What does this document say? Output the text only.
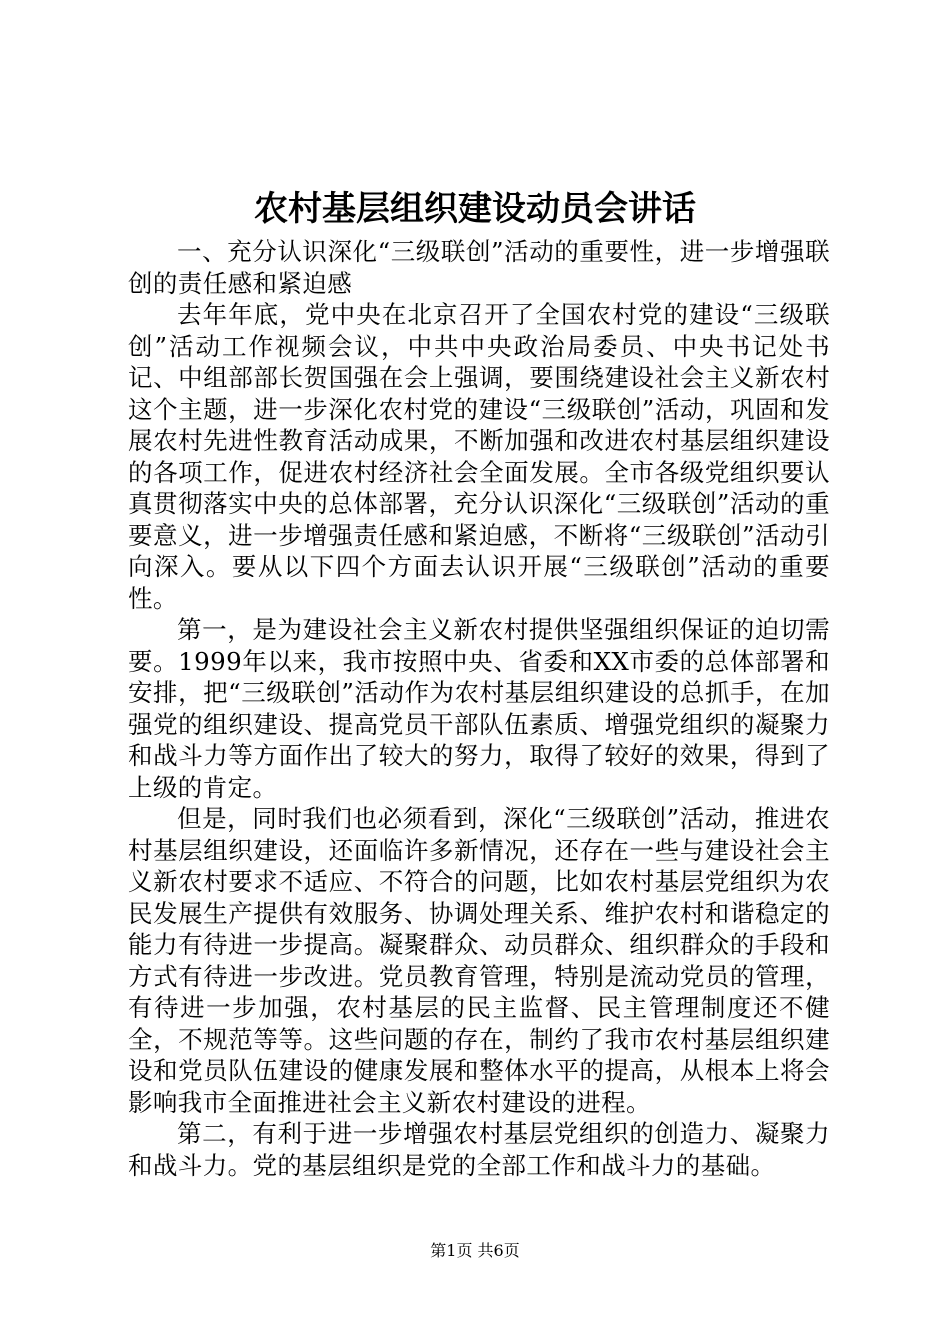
农村基层组织建设动员会讲话

一、充分认识深化“三级联创”活动的重要性，进一步增强联创的责任感和紧迫感

去年年底，党中央在北京召开了全国农村党的建设“三级联创”活动工作视频会议，中共中央政治局委员、中央书记处书记、中组部部长贺国强在会上强调，要围绕建设社会主义新农村这个主题，进一步深化农村党的建设“三级联创”活动，巩固和发展农村先进性教育活动成果，不断加强和改进农村基层组织建设的各项工作，促进农村经济社会全面发展。全市各级党组织要认真贯彻落实中央的总体部署，充分认识深化“三级联创”活动的重要意义，进一步增强责任感和紧迫感，不断将“三级联创”活动引向深入。要从以下四个方面去认识开展“三级联创”活动的重要性。

第一，是为建设社会主义新农村提供坚强组织保证的迫切需要。1999年以来，我市按照中央、省委和XX市委的总体部署和安排，把“三级联创”活动作为农村基层组织建设的总抓手，在加强党的组织建设、提高党员干部队伍素质、增强党组织的凝聚力和战斗力等方面作出了较大的努力，取得了较好的效果，得到了上级的肯定。

但是，同时我们也必须看到，深化“三级联创”活动，推进农村基层组织建设，还面临许多新情况，还存在一些与建设社会主义新农村要求不适应、不符合的问题，比如农村基层党组织为农民发展生产提供有效服务、协调处理关系、维护农村和谐稳定的能力有待进一步提高。凝聚群众、动员群众、组织群众的手段和方式有待进一步改进。党员教育管理，特别是流动党员的管理，有待进一步加强，农村基层的民主监督、民主管理制度还不健全，不规范等等。这些问题的存在，制约了我市农村基层组织建设和党员队伍建设的健康发展和整体水平的提高，从根本上将会影响我市全面推进社会主义新农村建设的进程。

第二，有利于进一步增强农村基层党组织的创造力、凝聚力和战斗力。党的基层组织是党的全部工作和战斗力的基础。

第1页 共6页
